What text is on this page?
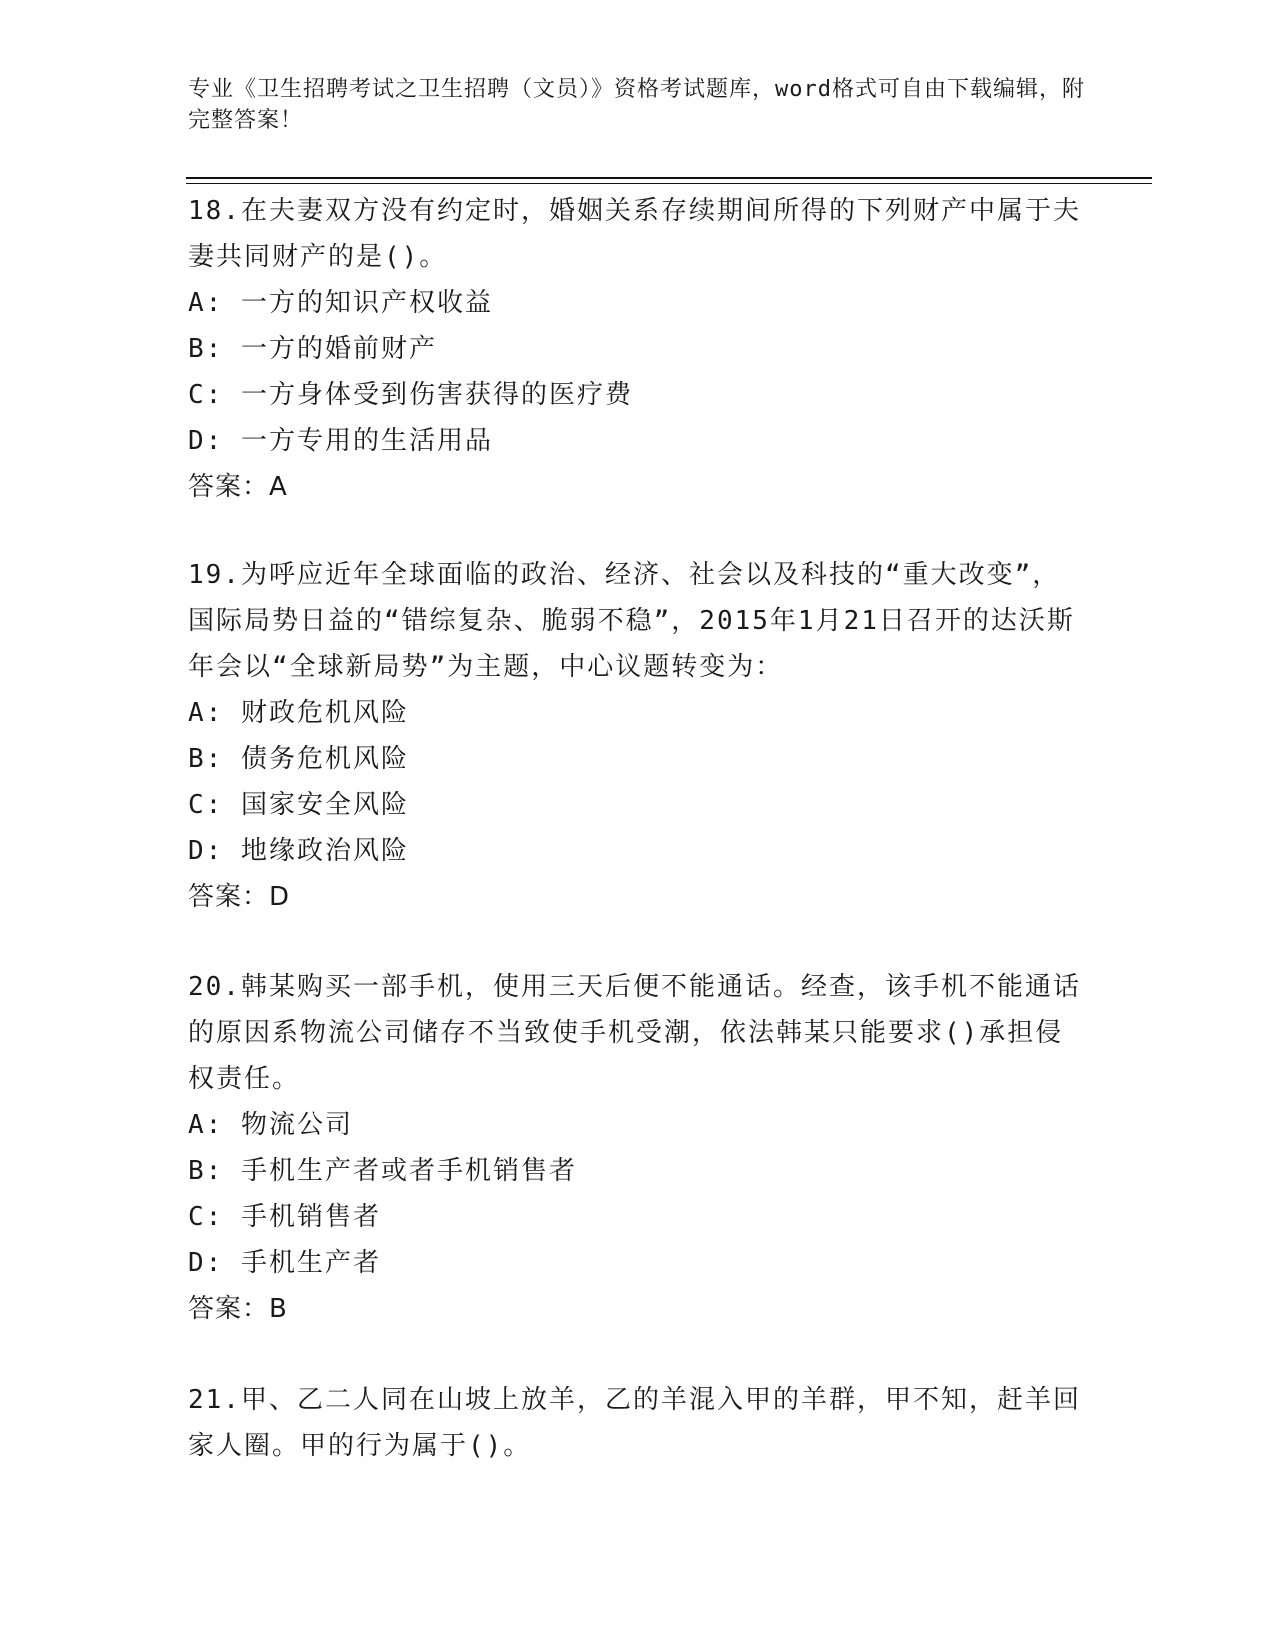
专业《卫生招聘考试之卫生招聘（文员）》资格考试题库，word格式可自由下载编辑，附完整答案！

18.在夫妻双方没有约定时，婚姻关系存续期间所得的下列财产中属于夫妻共同财产的是()。

A: 一方的知识产权收益

B: 一方的婚前财产

C: 一方身体受到伤害获得的医疗费

D: 一方专用的生活用品

答案：A

19.为呼应近年全球面临的政治、经济、社会以及科技的“重大改变”，国际局势日益的“错综复杂、脆弱不稳”，2015年1月21日召开的达沃斯年会以“全球新局势”为主题，中心议题转变为：

A: 财政危机风险

B: 债务危机风险

C: 国家安全风险

D: 地缘政治风险

答案：D

20.韩某购买一部手机，使用三天后便不能通话。经查，该手机不能通话的原因系物流公司储存不当致使手机受潮，依法韩某只能要求()承担侵权责任。

A: 物流公司

B: 手机生产者或者手机销售者

C: 手机销售者

D: 手机生产者

答案：B

21.甲、乙二人同在山坡上放羊，乙的羊混入甲的羊群，甲不知，赶羊回家人圈。甲的行为属于()。
